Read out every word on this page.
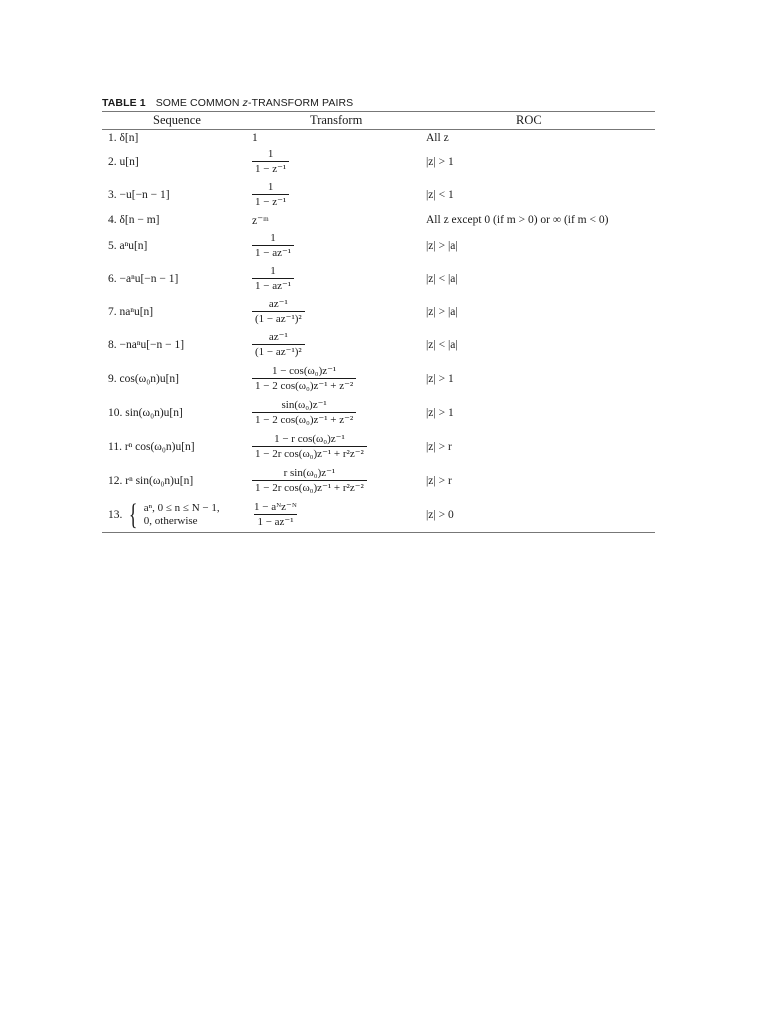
TABLE 1 SOME COMMON z-TRANSFORM PAIRS
Sequence	Transform	ROC
1. δ[n]	1	All z
2. u[n]	$\frac{1}{\text{1 − z⁻¹}}$	|z| > 1
3. −u[−n − 1]	$\frac{1}{\text{1 − z⁻¹}}$	|z| < 1
4. δ[n − m]	z⁻ᵐ	All z except 0 (if m > 0) or ∞ (if m < 0)
5. aⁿu[n]	$\frac{1}{\text{1 − az⁻¹}}$	|z| > |a|
6. −aⁿu[−n − 1]	$\frac{1}{\text{1 − az⁻¹}}$	|z| < |a|
7. naⁿu[n]	$\frac{\text{az⁻¹}}{\text{(1 − az⁻¹)²}}$	|z| > |a|
8. −naⁿu[−n − 1]	$\frac{\text{az⁻¹}}{\text{(1 − az⁻¹)²}}$	|z| < |a|
9. cos(ω₀n)u[n]	$\frac{\text{1 − cos(ω₀)z⁻¹}}{\text{1 − 2 cos(ω₀)z⁻¹ + z⁻²}}$	|z| > 1
10. sin(ω₀n)u[n]	$\frac{\text{sin(ω₀)z⁻¹}}{\text{1 − 2 cos(ω₀)z⁻¹ + z⁻²}}$	|z| > 1
11. rⁿ cos(ω₀n)u[n]	$\frac{\text{1 − r cos(ω₀)z⁻¹}}{\text{1 − 2r cos(ω₀)z⁻¹ + r²z⁻²}}$	|z| > r
12. rⁿ sin(ω₀n)u[n]	$\frac{\text{r sin(ω₀)z⁻¹}}{\text{1 − 2r cos(ω₀)z⁻¹ + r²z⁻²}}$	|z| > r
13. { aⁿ, 0 ≤ n ≤ N − 1,
0, otherwise	$\frac{\text{1 − aᴺz⁻ᴺ}}{\text{1 − az⁻¹}}$	|z| > 0
